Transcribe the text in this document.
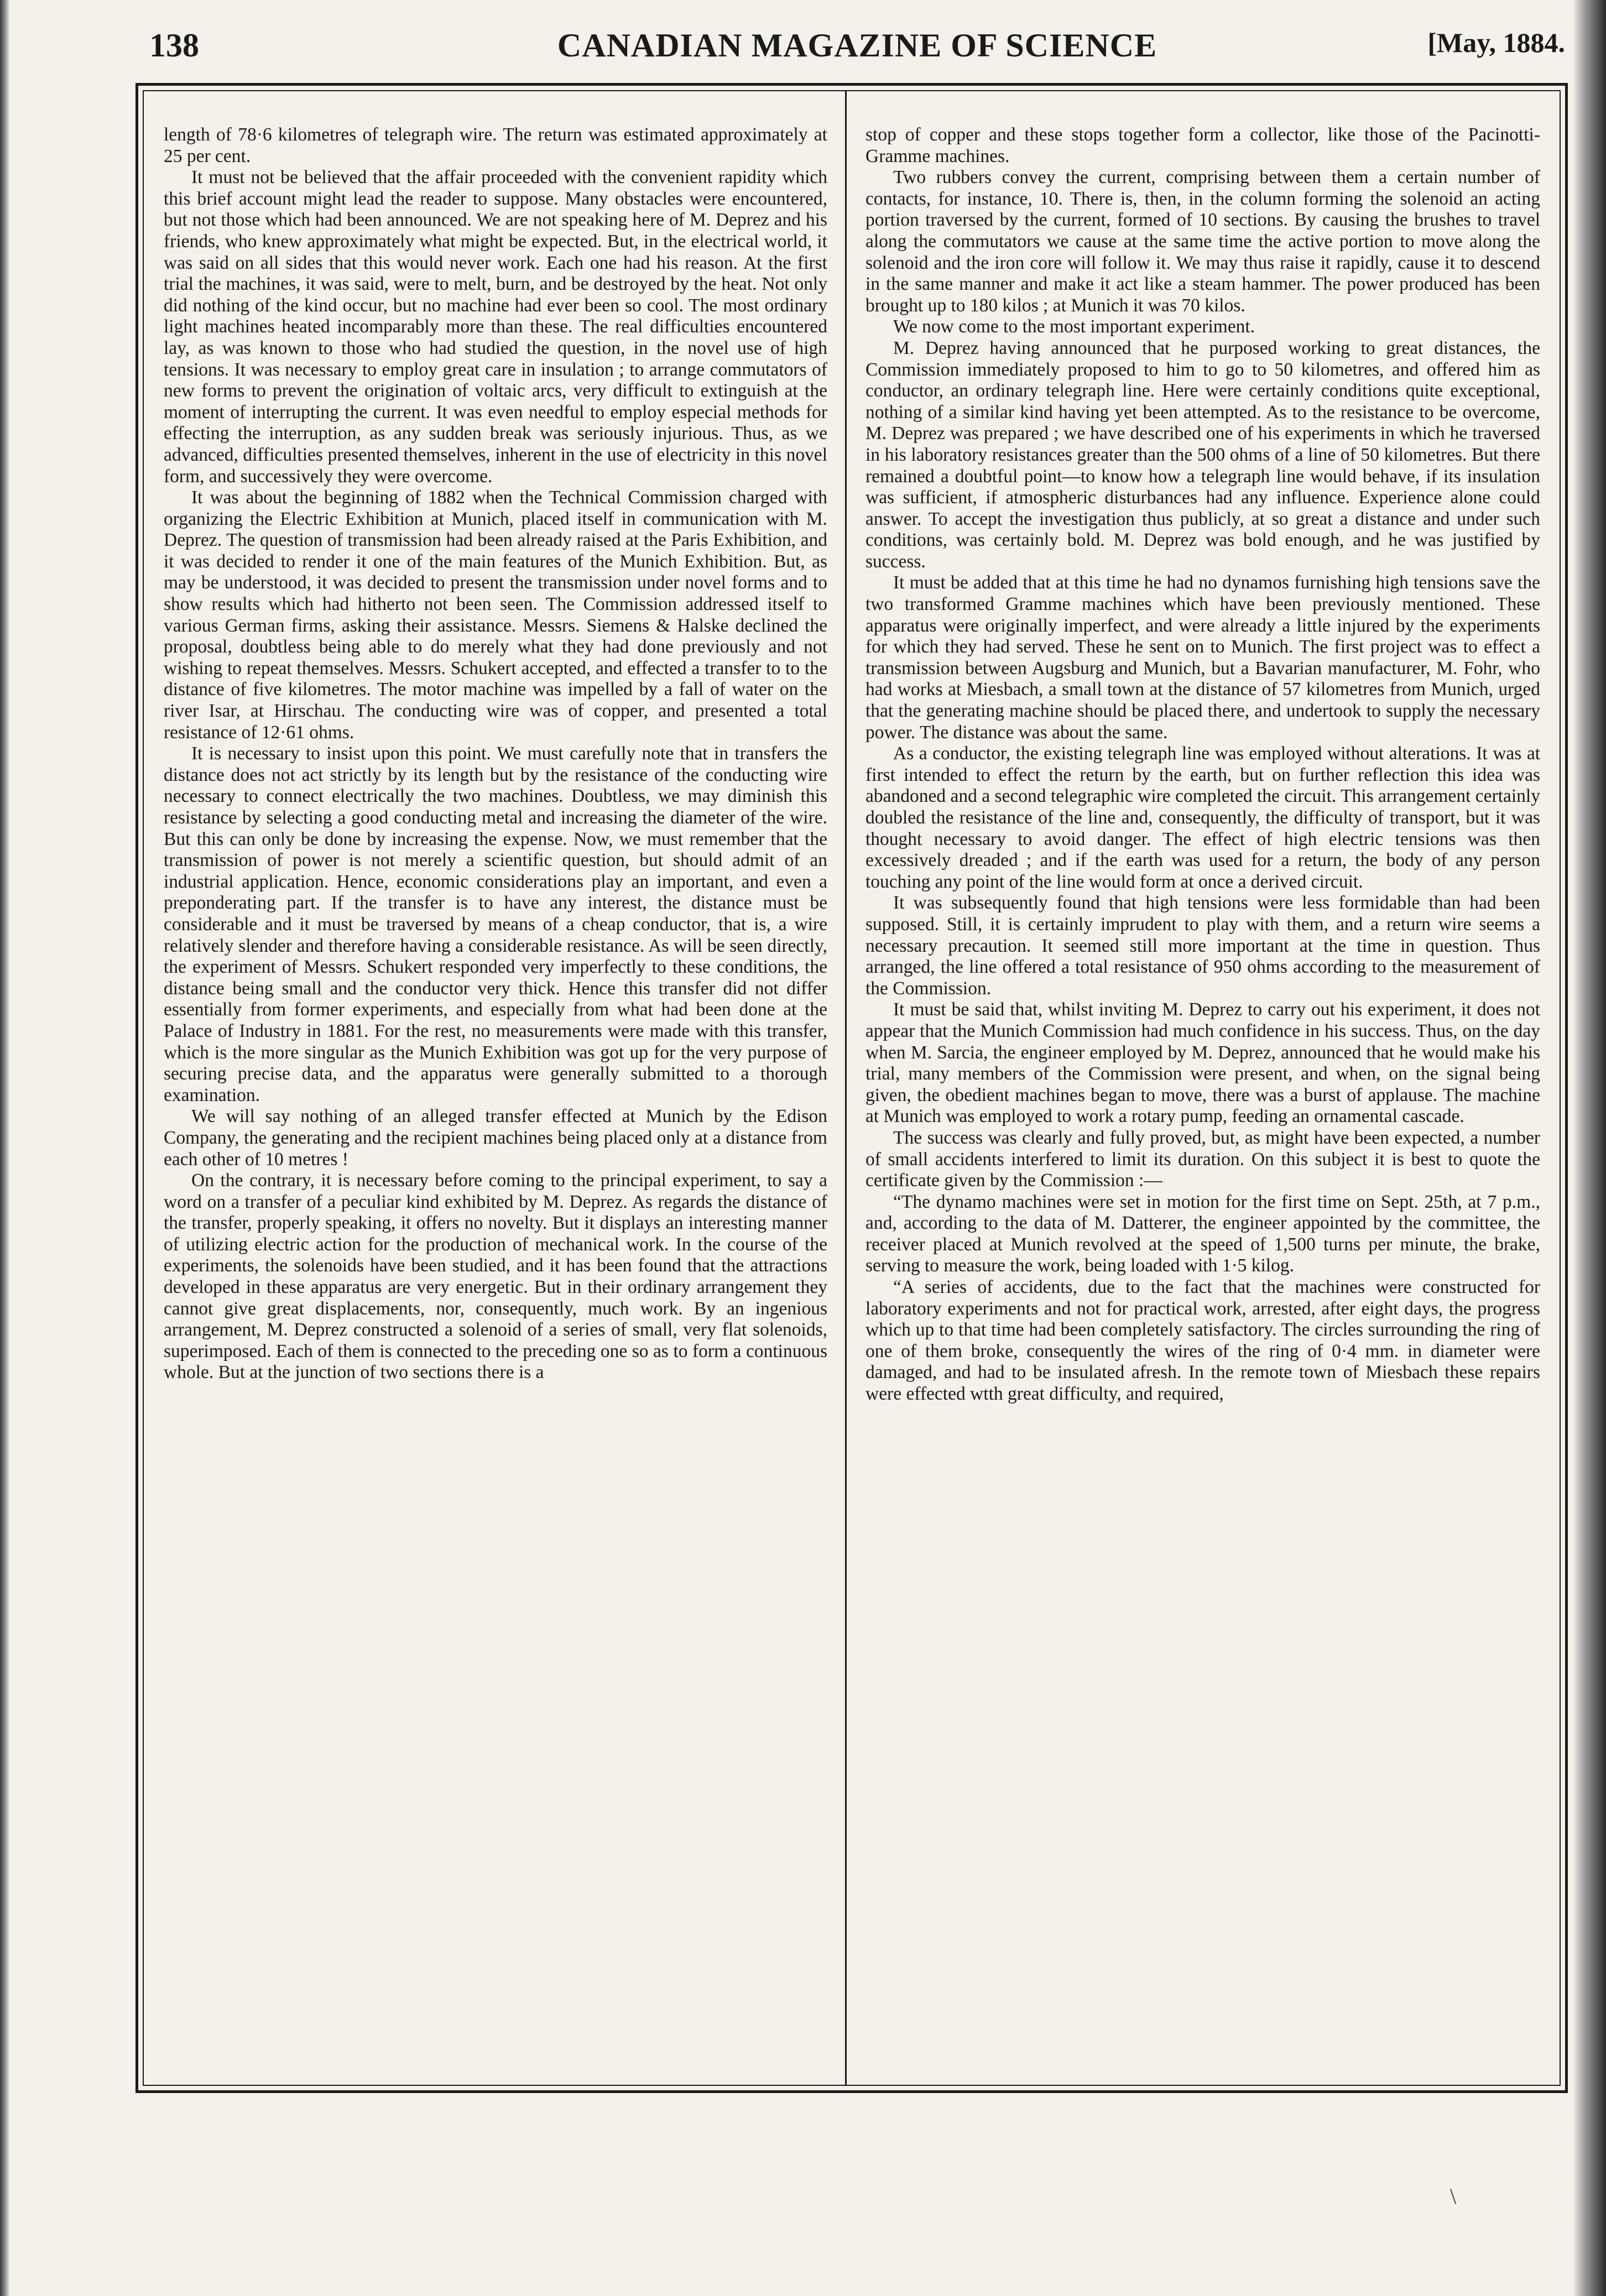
138	CANADIAN MAGAZINE OF SCIENCE	[May, 1884.

length of 78·6 kilometres of telegraph wire. The return was estimated approximately at 25 per cent.

It must not be believed that the affair proceeded with the convenient rapidity which this brief account might lead the reader to suppose. Many obstacles were encountered, but not those which had been announced. We are not speaking here of M. Deprez and his friends, who knew approximately what might be expected. But, in the electrical world, it was said on all sides that this would never work. Each one had his reason. At the first trial the machines, it was said, were to melt, burn, and be destroyed by the heat. Not only did nothing of the kind occur, but no machine had ever been so cool. The most ordinary light machines heated incomparably more than these. The real difficulties encountered lay, as was known to those who had studied the question, in the novel use of high tensions. It was necessary to employ great care in insulation ; to arrange commutators of new forms to prevent the origination of voltaic arcs, very difficult to extinguish at the moment of interrupting the current. It was even needful to employ especial methods for effecting the interruption, as any sudden break was seriously injurious. Thus, as we advanced, difficulties presented themselves, inherent in the use of electricity in this novel form, and successively they were overcome.

It was about the beginning of 1882 when the Technical Commission charged with organizing the Electric Exhibition at Munich, placed itself in communication with M. Deprez. The question of transmission had been already raised at the Paris Exhibition, and it was decided to render it one of the main features of the Munich Exhibition. But, as may be understood, it was decided to present the transmission under novel forms and to show results which had hitherto not been seen. The Commission addressed itself to various German firms, asking their assistance. Messrs. Siemens & Halske declined the proposal, doubtless being able to do merely what they had done previously and not wishing to repeat themselves. Messrs. Schukert accepted, and effected a transfer to to the distance of five kilometres. The motor machine was impelled by a fall of water on the river Isar, at Hirschau. The conducting wire was of copper, and presented a total resistance of 12·61 ohms.

It is necessary to insist upon this point. We must carefully note that in transfers the distance does not act strictly by its length but by the resistance of the conducting wire necessary to connect electrically the two machines. Doubtless, we may diminish this resistance by selecting a good conducting metal and increasing the diameter of the wire. But this can only be done by increasing the expense. Now, we must remember that the transmission of power is not merely a scientific question, but should admit of an industrial application. Hence, economic considerations play an important, and even a preponderating part. If the transfer is to have any interest, the distance must be considerable and it must be traversed by means of a cheap conductor, that is, a wire relatively slender and therefore having a considerable resistance. As will be seen directly, the experiment of Messrs. Schukert responded very imperfectly to these conditions, the distance being small and the conductor very thick. Hence this transfer did not differ essentially from former experiments, and especially from what had been done at the Palace of Industry in 1881. For the rest, no measurements were made with this transfer, which is the more singular as the Munich Exhibition was got up for the very purpose of securing precise data, and the apparatus were generally submitted to a thorough examination.

We will say nothing of an alleged transfer effected at Munich by the Edison Company, the generating and the recipient machines being placed only at a distance from each other of 10 metres !

On the contrary, it is necessary before coming to the principal experiment, to say a word on a transfer of a peculiar kind exhibited by M. Deprez. As regards the distance of the transfer, properly speaking, it offers no novelty. But it displays an interesting manner of utilizing electric action for the production of mechanical work. In the course of the experiments, the solenoids have been studied, and it has been found that the attractions developed in these apparatus are very energetic. But in their ordinary arrangement they cannot give great displacements, nor, consequently, much work. By an ingenious arrangement, M. Deprez constructed a solenoid of a series of small, very flat solenoids, superimposed. Each of them is connected to the preceding one so as to form a continuous whole. But at the junction of two sections there is a

stop of copper and these stops together form a collector, like those of the Pacinotti-Gramme machines.

Two rubbers convey the current, comprising between them a certain number of contacts, for instance, 10. There is, then, in the column forming the solenoid an acting portion traversed by the current, formed of 10 sections. By causing the brushes to travel along the commutators we cause at the same time the active portion to move along the solenoid and the iron core will follow it. We may thus raise it rapidly, cause it to descend in the same manner and make it act like a steam hammer. The power produced has been brought up to 180 kilos ; at Munich it was 70 kilos.

We now come to the most important experiment.

M. Deprez having announced that he purposed working to great distances, the Commission immediately proposed to him to go to 50 kilometres, and offered him as conductor, an ordinary telegraph line. Here were certainly conditions quite exceptional, nothing of a similar kind having yet been attempted. As to the resistance to be overcome, M. Deprez was prepared ; we have described one of his experiments in which he traversed in his laboratory resistances greater than the 500 ohms of a line of 50 kilometres. But there remained a doubtful point—to know how a telegraph line would behave, if its insulation was sufficient, if atmospheric disturbances had any influence. Experience alone could answer. To accept the investigation thus publicly, at so great a distance and under such conditions, was certainly bold. M. Deprez was bold enough, and he was justified by success.

It must be added that at this time he had no dynamos furnishing high tensions save the two transformed Gramme machines which have been previously mentioned. These apparatus were originally imperfect, and were already a little injured by the experiments for which they had served. These he sent on to Munich. The first project was to effect a transmission between Augsburg and Munich, but a Bavarian manufacturer, M. Fohr, who had works at Miesbach, a small town at the distance of 57 kilometres from Munich, urged that the generating machine should be placed there, and undertook to supply the necessary power. The distance was about the same.

As a conductor, the existing telegraph line was employed without alterations. It was at first intended to effect the return by the earth, but on further reflection this idea was abandoned and a second telegraphic wire completed the circuit. This arrangement certainly doubled the resistance of the line and, consequently, the difficulty of transport, but it was thought necessary to avoid danger. The effect of high electric tensions was then excessively dreaded ; and if the earth was used for a return, the body of any person touching any point of the line would form at once a derived circuit.

It was subsequently found that high tensions were less formidable than had been supposed. Still, it is certainly imprudent to play with them, and a return wire seems a necessary precaution. It seemed still more important at the time in question. Thus arranged, the line offered a total resistance of 950 ohms according to the measurement of the Commission.

It must be said that, whilst inviting M. Deprez to carry out his experiment, it does not appear that the Munich Commission had much confidence in his success. Thus, on the day when M. Sarcia, the engineer employed by M. Deprez, announced that he would make his trial, many members of the Commission were present, and when, on the signal being given, the obedient machines began to move, there was a burst of applause. The machine at Munich was employed to work a rotary pump, feeding an ornamental cascade.

The success was clearly and fully proved, but, as might have been expected, a number of small accidents interfered to limit its duration. On this subject it is best to quote the certificate given by the Commission :—

“The dynamo machines were set in motion for the first time on Sept. 25th, at 7 p.m., and, according to the data of M. Datterer, the engineer appointed by the committee, the receiver placed at Munich revolved at the speed of 1,500 turns per minute, the brake, serving to measure the work, being loaded with 1·5 kilog.

“A series of accidents, due to the fact that the machines were constructed for laboratory experiments and not for practical work, arrested, after eight days, the progress which up to that time had been completely satisfactory. The circles surrounding the ring of one of them broke, consequently the wires of the ring of 0·4 mm. in diameter were damaged, and had to be insulated afresh. In the remote town of Miesbach these repairs were effected wtth great difficulty, and required,

\
